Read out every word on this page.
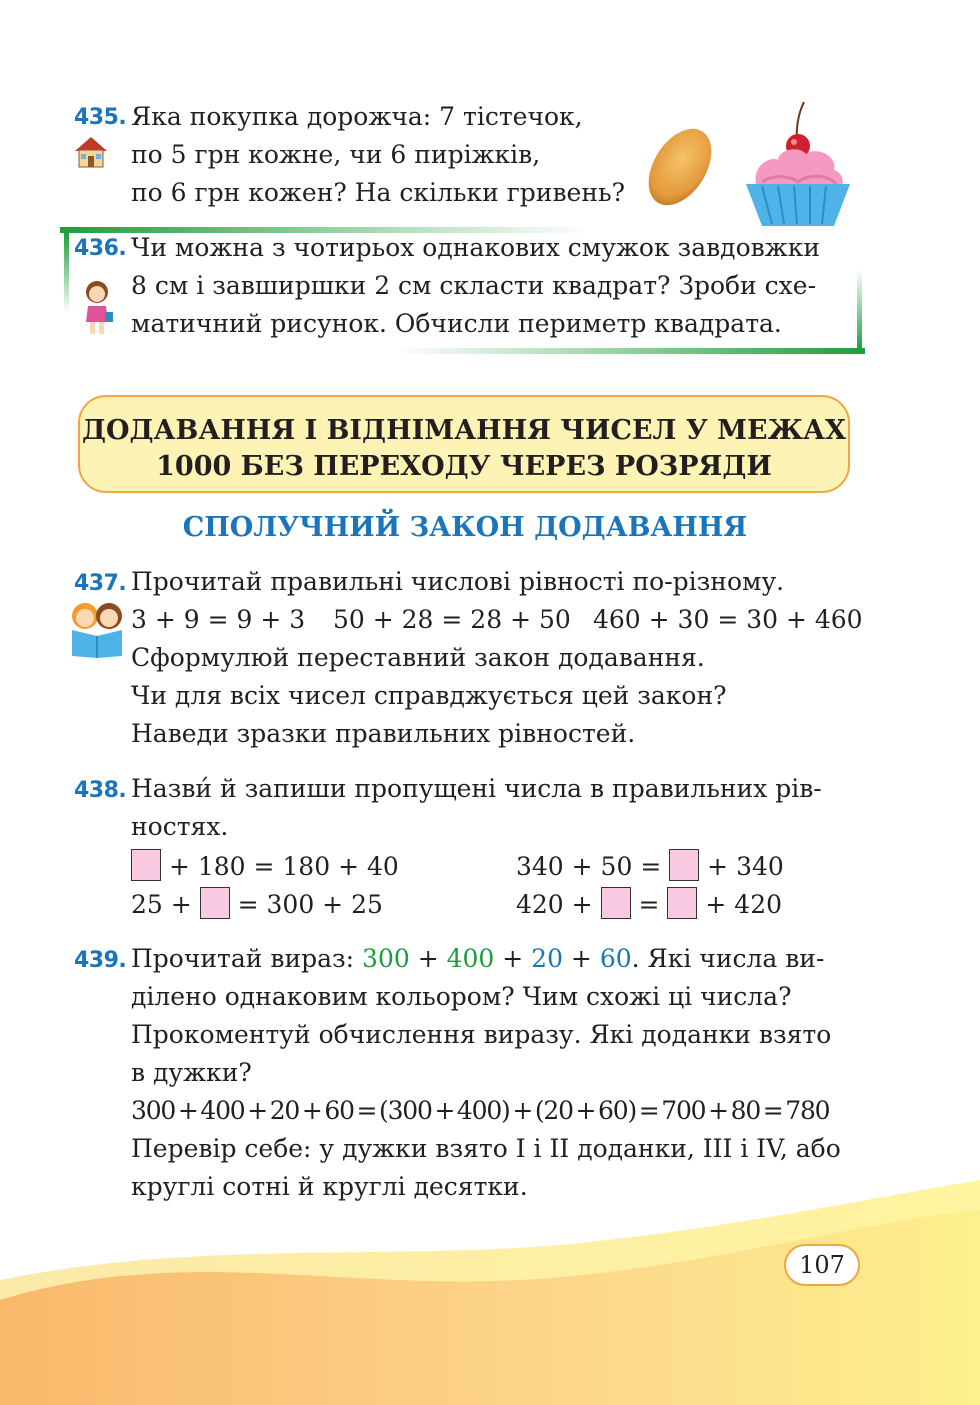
435. Яка покупка дорожча: 7 тістечок,
по 5 грн кожне, чи 6 пиріжків,
по 6 грн кожен? На скільки гривень?
436. Чи можна з чотирьох однакових смужок завдовжки
8 см і завширшки 2 см скласти квадрат? Зроби схе-
матичний рисунок. Обчисли периметр квадрата.
ДОДАВАННЯ І ВІДНІМАННЯ ЧИСЕЛ У МЕЖАХ
1000 БЕЗ ПЕРЕХОДУ ЧЕРЕЗ РОЗРЯДИ
СПОЛУЧНИЙ ЗАКОН ДОДАВАННЯ
437. Прочитай правильні числові рівності по-різному.
3 + 9 = 9 + 3 50 + 28 = 28 + 50 460 + 30 = 30 + 460
Сформулюй переставний закон додавання.
Чи для всіх чисел справджується цей закон?
Наведи зразки правильних рівностей.
438. Назви́ й запиши пропущені числа в правильних рів-
ностях.
+ 180 = 180 + 40	340 + 50 = + 340
25 + = 300 + 25	420 + = + 420
439. Прочитай вираз: 300 + 400 + 20 + 60. Які числа ви-
ділено однаковим кольором? Чим схожі ці числа?
Прокоментуй обчислення виразу. Які доданки взято
в дужки?
300 + 400 + 20 + 60 = (300 + 400) + (20 + 60) = 700 + 80 = 780
Перевір себе: у дужки взято I і II доданки, III і IV, або
круглі сотні й круглі десятки.
107
